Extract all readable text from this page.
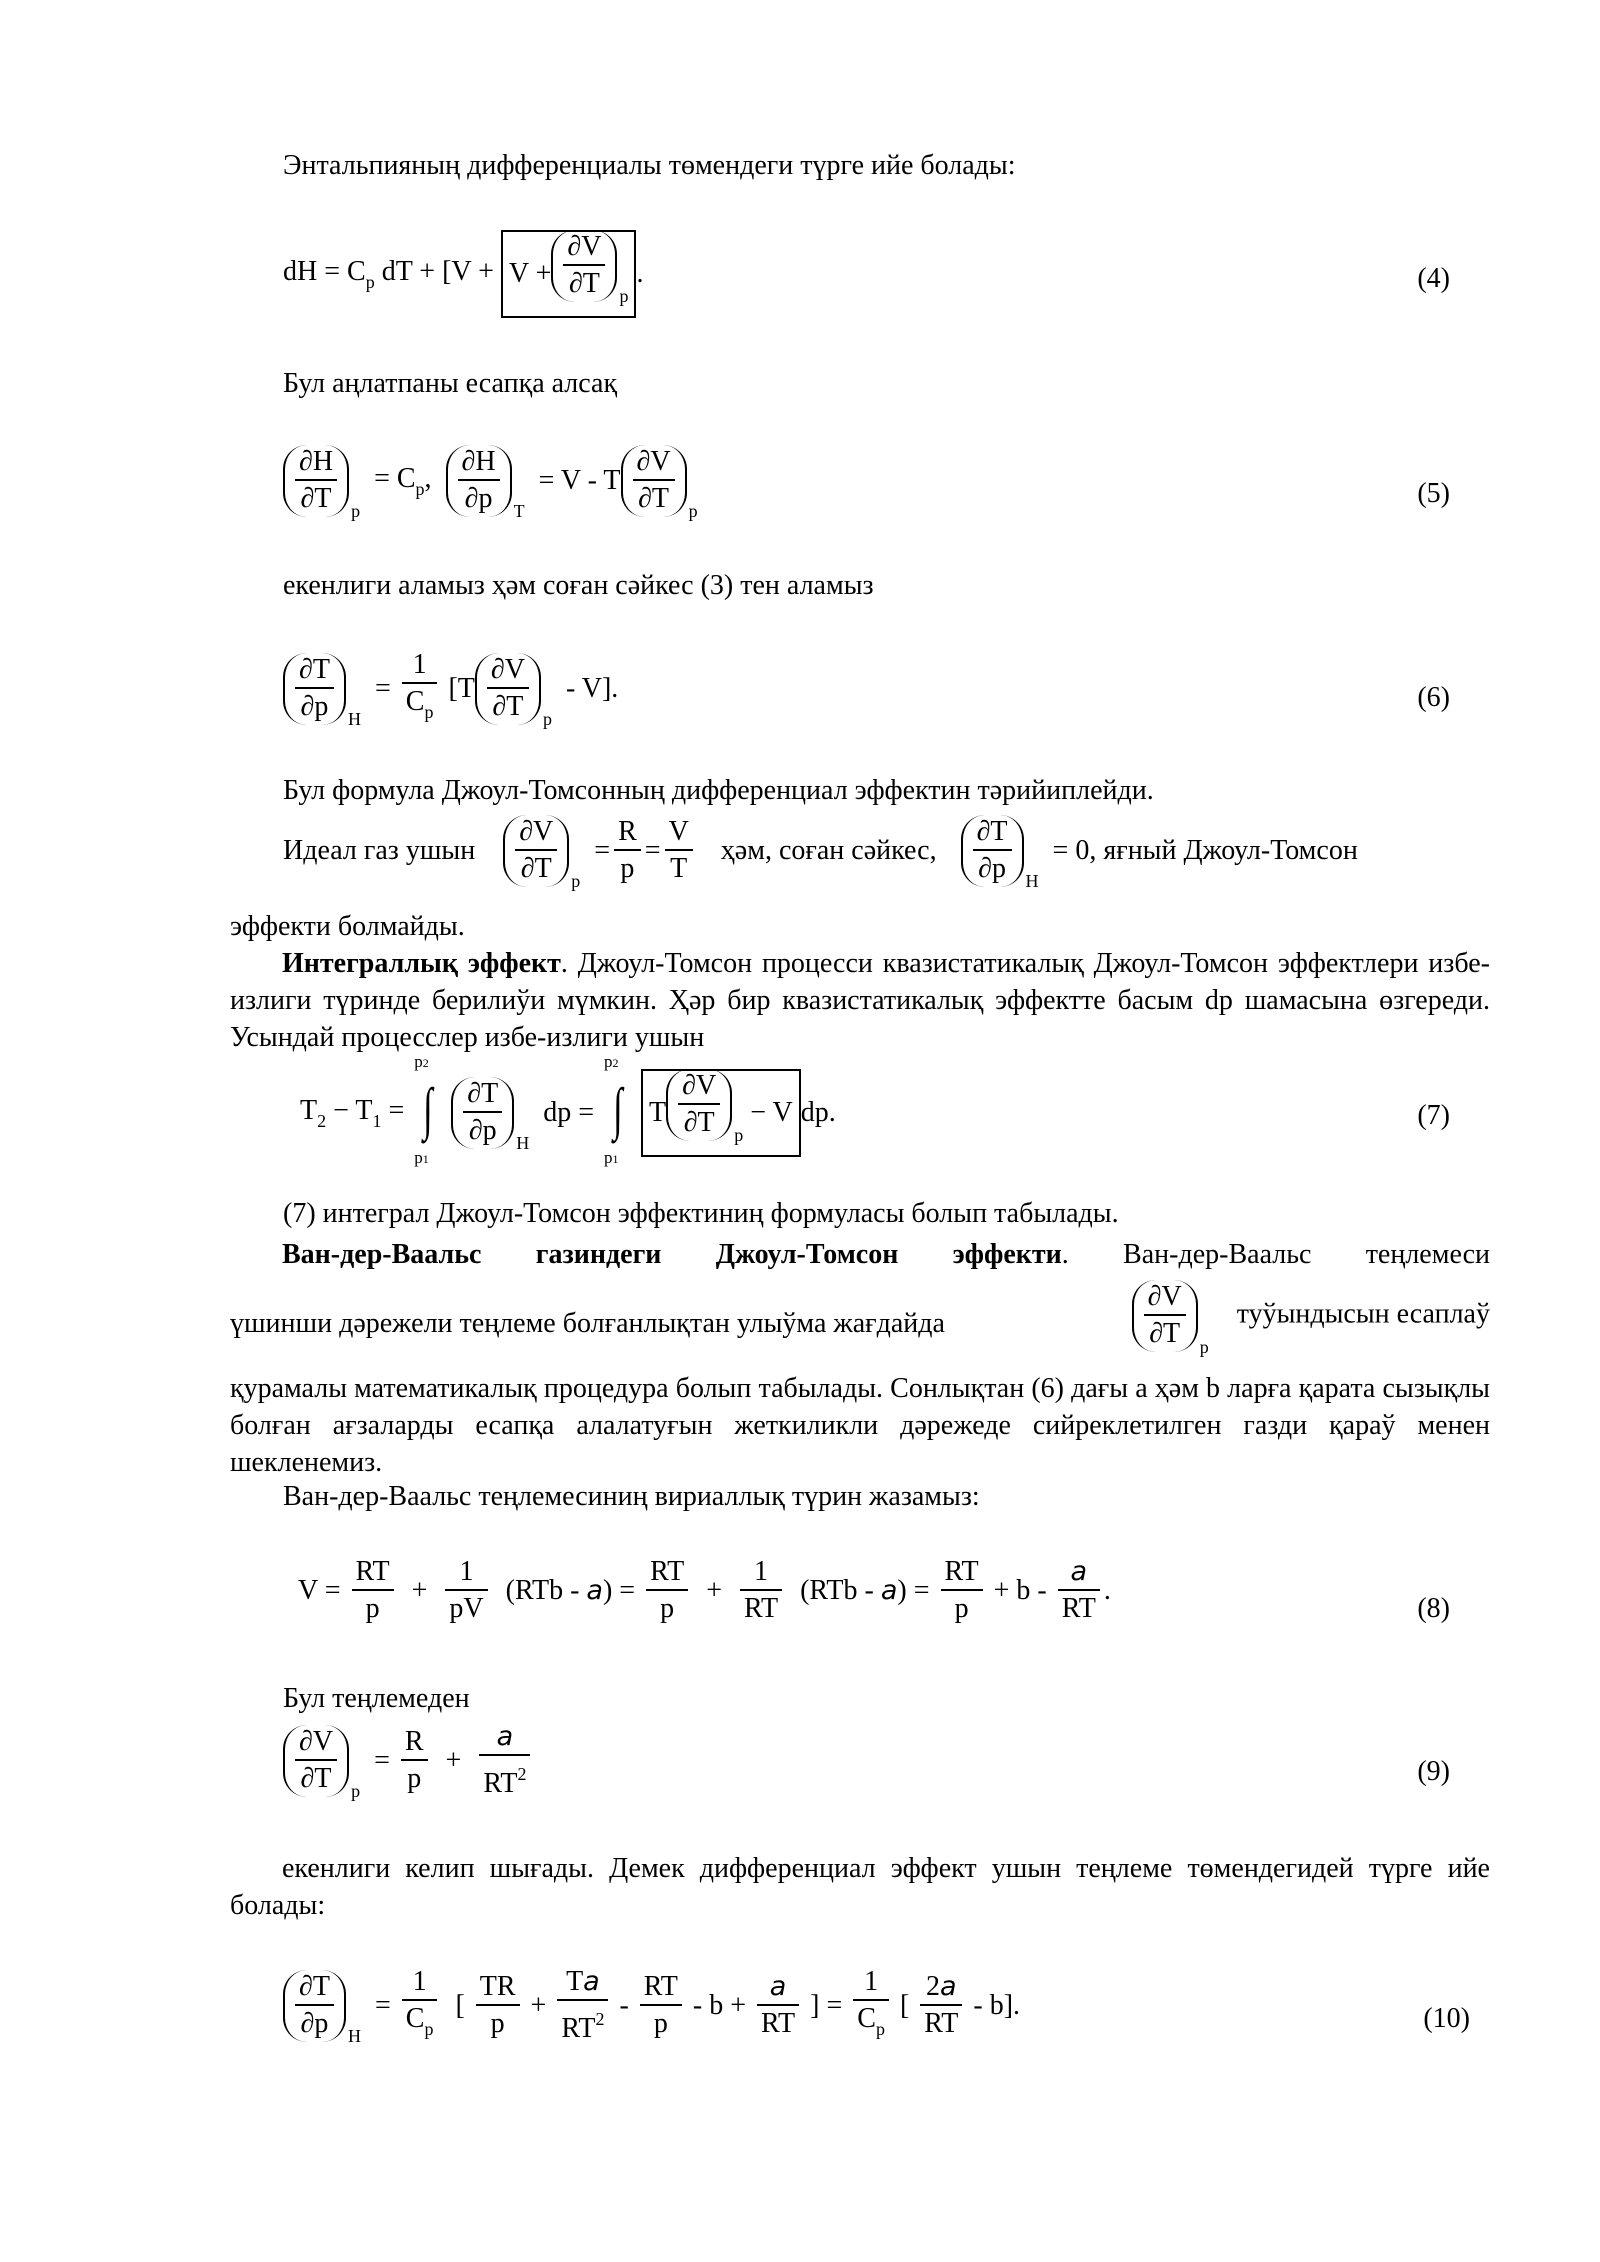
Энтальпияның дифференциалы төмендеги түрге ийе болады:
dH = $C_p$ dT + [$V + V + \frac{\partial V}{\partial T} p$.	(4)
Бул аңлатпаны есапқа алсақ
$\frac{\partial H}{\partial T}$ $p = C_p$, $\frac{\partial H}{\partial p}$ T  = V - T $\frac{\partial V}{\partial T}$ p
(5)
екенлиги аламыз ҳәм соған сәйкес (3) тен аламыз
$\frac{\partial T}{\partial p}$ $H = \frac{1}{C_p} [T \frac{\partial V}{\partial T}$ p  - V].	(6)
Бул формула Джоул-Томсонның дифференциал эффектин тәрийиплейди.
Идеал газ ушын $\frac{\partial V}{\partial T}$ $p = \frac{R}{p} = \frac{V}{T}$ ҳәм, соған сәйкес, $\frac{\partial T}{\partial p}$ H  = 0, яғный Джоул-Томсон
эффекти болмайды.
Интеграллық эффект. Джоул-Томсон процесси квазистатикалық Джоул-Томсон эффектлери избе-излиги түринде берилиўи мүмкин. Ҳәр бир квазистатикалық эффектте басым dp шамасына өзгереди. Усындай процесслер избе-излиги ушын
$T_2 - T_1$ =
p2
∫
p1

$\frac{\partial T}{\partial p}$ H  dp =
p2
∫
p1
T $\frac{\partial V}{\partial T}$ p − V dp.	(7)
(7) интеграл Джоул-Томсон эффектиниң формуласы болып табылады.
Ван-дер-Ваальс газиндеги Джоул-Томсон эффекти. Ван-дер-Ваальс теңлемеси
үшинши дәрежели теңлеме болғанлықтан улыўма жағдайда	$\frac{\partial V}{\partial T}$ pтуўындысын есаплаў
қурамалы математикалық процедура болып табылады. Сонлықтан (6) дағы а ҳәм b ларға қарата сызықлы болған ағзаларды есапқа алалатуғын жеткиликли дәрежеде сийреклетилген газди қараў менен шекленемиз.
Ван-дер-Ваальс теңлемесиниң вириаллық түрин жазамыз:
$V = \frac{RT}{p} + \frac{1}{pV} (RTb - a) = \frac{RT}{p} + \frac{1}{RT} (RTb - a) = \frac{RT}{p} + b - \frac{a}{RT}$ .
(8)
Бул теңлемеден
$\frac{\partial V}{\partial T}$ $p = \frac{R}{p} + \frac{a}{RT^2}$	(9)
екенлиги келип шығады. Демек дифференциал эффект ушын теңлеме төмендегидей түрге ийе болады:
$\frac{\partial T}{\partial p}$ $H = \frac{1}{C_p}$ [ $\frac{TR}{p} + \frac{Ta}{RT^2} - \frac{RT}{p} - b + \frac{a}{RT}$ ] = $\frac{1}{C_p}$ [ $\frac{2a}{RT} - b$].	(10)
